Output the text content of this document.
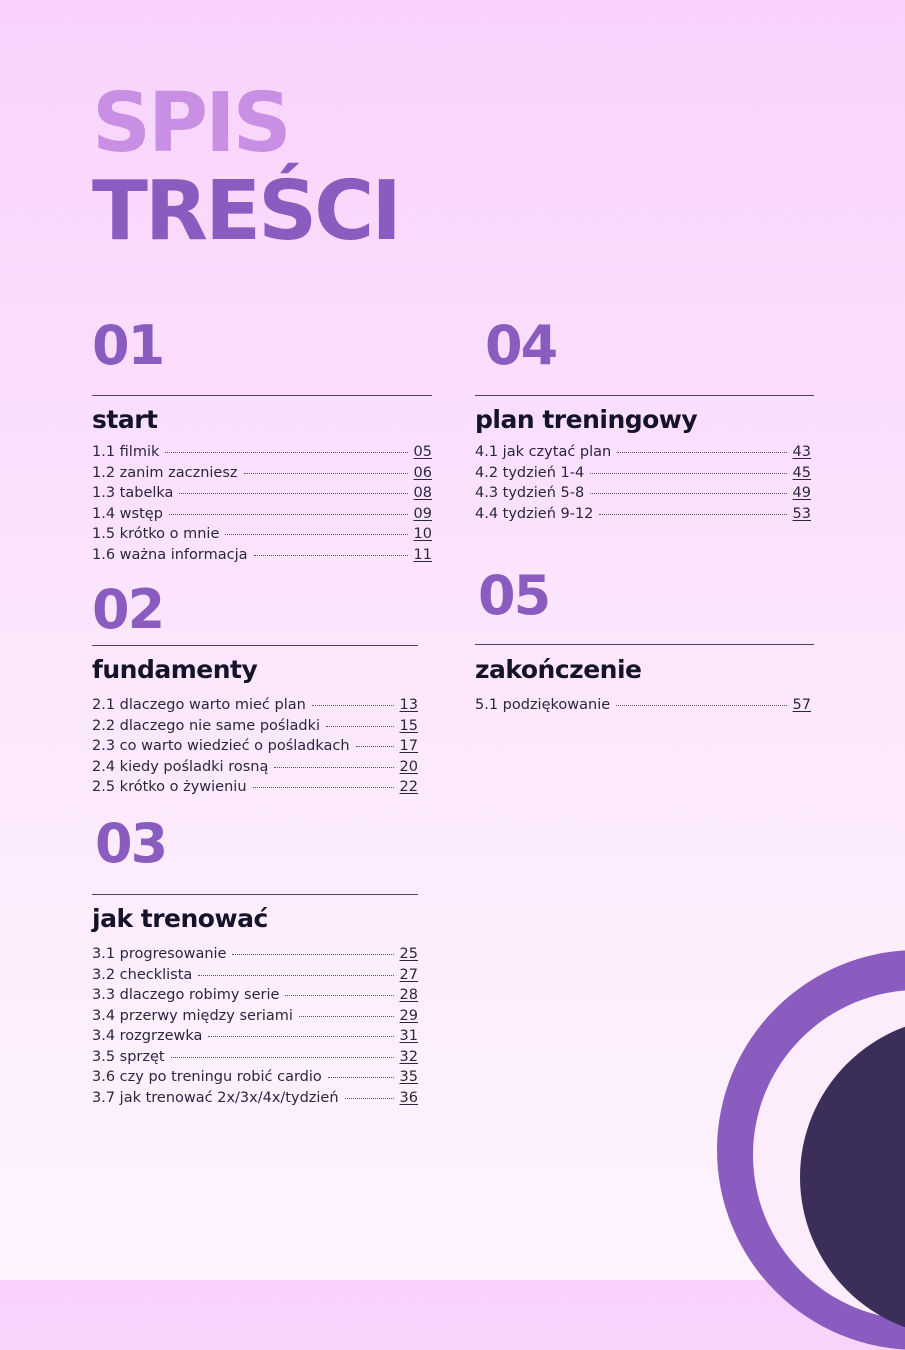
SPIS
TREŚCI
01
start
1.1 filmik	05
1.2 zanim zaczniesz	06
1.3 tabelka	08
1.4 wstęp	09
1.5 krótko o mnie	10
1.6 ważna informacja	11
02
fundamenty
2.1 dlaczego warto mieć plan	13
2.2 dlaczego nie same pośladki	15
2.3 co warto wiedzieć o pośladkach	17
2.4 kiedy pośladki rosną	20
2.5 krótko o żywieniu	22
03
jak trenować
3.1 progresowanie	25
3.2 checklista	27
3.3 dlaczego robimy serie	28
3.4 przerwy między seriami	29
3.4 rozgrzewka	31
3.5 sprzęt	32
3.6 czy po treningu robić cardio	35
3.7 jak trenować 2x/3x/4x/tydzień	36
04
plan treningowy
4.1 jak czytać plan	43
4.2 tydzień 1-4	45
4.3 tydzień 5-8	49
4.4 tydzień 9-12	53
05
zakończenie
5.1 podziękowanie	57
